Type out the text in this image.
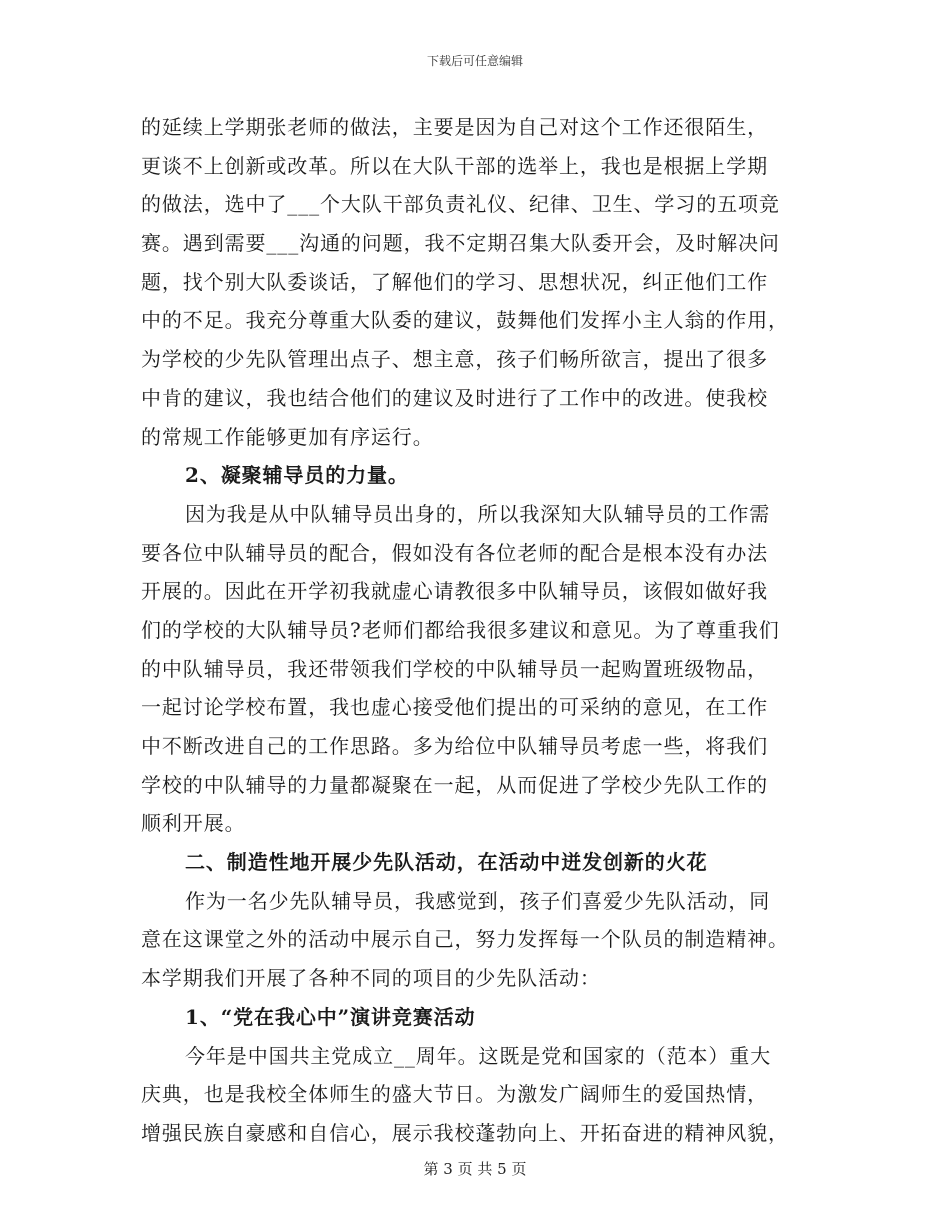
下载后可任意编辑
的延续上学期张老师的做法，主要是因为自己对这个工作还很陌生，
更谈不上创新或改革。所以在大队干部的选举上，我也是根据上学期
的做法，选中了___个大队干部负责礼仪、纪律、卫生、学习的五项竞
赛。遇到需要___沟通的问题，我不定期召集大队委开会，及时解决问
题，找个别大队委谈话，了解他们的学习、思想状况，纠正他们工作
中的不足。我充分尊重大队委的建议，鼓舞他们发挥小主人翁的作用，
为学校的少先队管理出点子、想主意，孩子们畅所欲言，提出了很多
中肯的建议，我也结合他们的建议及时进行了工作中的改进。使我校
的常规工作能够更加有序运行。
2、凝聚辅导员的力量。
因为我是从中队辅导员出身的，所以我深知大队辅导员的工作需
要各位中队辅导员的配合，假如没有各位老师的配合是根本没有办法
开展的。因此在开学初我就虚心请教很多中队辅导员，该假如做好我
们的学校的大队辅导员?老师们都给我很多建议和意见。为了尊重我们
的中队辅导员，我还带领我们学校的中队辅导员一起购置班级物品，
一起讨论学校布置，我也虚心接受他们提出的可采纳的意见，在工作
中不断改进自己的工作思路。多为给位中队辅导员考虑一些，将我们
学校的中队辅导的力量都凝聚在一起，从而促进了学校少先队工作的
顺利开展。
二、制造性地开展少先队活动，在活动中迸发创新的火花
作为一名少先队辅导员，我感觉到，孩子们喜爱少先队活动，同
意在这课堂之外的活动中展示自己，努力发挥每一个队员的制造精神。
本学期我们开展了各种不同的项目的少先队活动：
1、“党在我心中”演讲竞赛活动
今年是中国共主党成立__周年。这既是党和国家的（范本）重大
庆典，也是我校全体师生的盛大节日。为激发广阔师生的爱国热情，
增强民族自豪感和自信心，展示我校蓬勃向上、开拓奋进的精神风貌，
第 3 页 共 5 页
